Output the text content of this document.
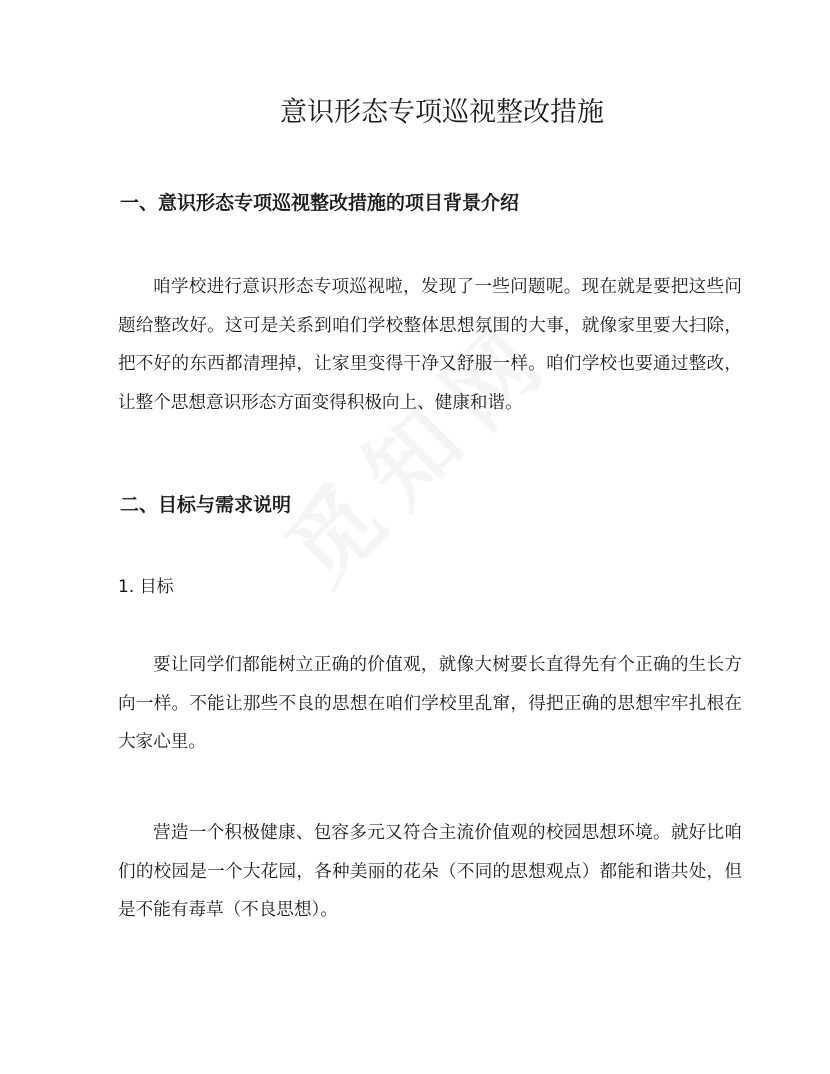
意识形态专项巡视整改措施
一、意识形态专项巡视整改措施的项目背景介绍
咱学校进行意识形态专项巡视啦，发现了一些问题呢。现在就是要把这些问
题给整改好。这可是关系到咱们学校整体思想氛围的大事，就像家里要大扫除，
把不好的东西都清理掉，让家里变得干净又舒服一样。咱们学校也要通过整改，
让整个思想意识形态方面变得积极向上、健康和谐。
二、目标与需求说明
1. 目标
要让同学们都能树立正确的价值观，就像大树要长直得先有个正确的生长方
向一样。不能让那些不良的思想在咱们学校里乱窜，得把正确的思想牢牢扎根在
大家心里。
营造一个积极健康、包容多元又符合主流价值观的校园思想环境。就好比咱
们的校园是一个大花园，各种美丽的花朵（不同的思想观点）都能和谐共处，但
是不能有毒草（不良思想）。
